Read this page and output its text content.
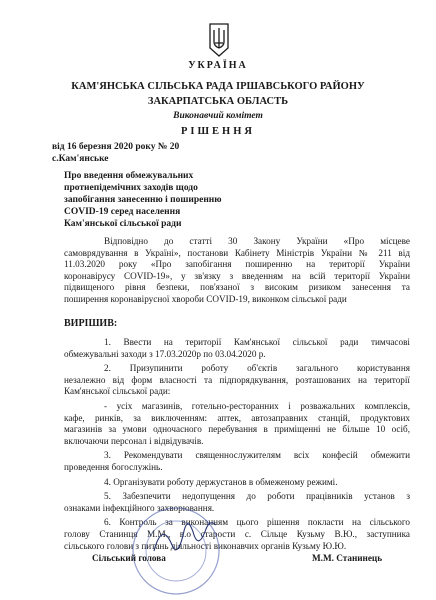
УКРАЇНА
КАМ'ЯНСЬКА СІЛЬСЬКА РАДА ІРШАВСЬКОГО РАЙОНУ
ЗАКАРПАТСЬКА ОБЛАСТЬ
Виконавчий комітет
РІШЕННЯ
від 16 березня 2020 року № 20
с.Кам'янське
Про введення обмежувальних
протиепідемічних заходів щодо
запобігання занесенню і поширенню
COVID-19 серед населення
Кам'янської сільської ради
Відповідно до статті 30 Закону України «Про місцеве
самоврядування в Україні», постанови Кабінету Міністрів України № 211 від
11.03.2020 року «Про запобігання поширенню на території України
коронавірусу COVID-19», у зв'язку з введенням на всій території України
підвищеного рівня безпеки, пов'язаної з високим ризиком занесення та
поширення коронавірусної хвороби COVID-19, виконком сільської ради
ВИРІШИВ:
1. Ввести на території Кам'янської сільської ради тимчасові
обмежувальні заходи з 17.03.2020р по 03.04.2020 р.
2. Призупинити роботу об'єктів загального користування
незалежно від форм власності та підпорядкування, розташованих на території
Кам'янської сільської ради:
- усіх магазинів, готельно-ресторанних і розважальних комплексів,
кафе, ринків, за виключенням: аптек, автозаправних станцій, продуктових
магазинів за умови одночасного перебування в приміщенні не більше 10 осіб,
включаючи персонал і відвідувачів.
3. Рекомендувати священнослужителям всіх конфесій обмежити
проведення богослужінь.
4. Організувати роботу держустанов в обмеженому режимі.
5. Забезпечити недопущення до роботи працівників установ з
ознаками інфекційного захворювання.
6. Контроль за виконанням цього рішення покласти на сільського
голову Станинця М.М., в.о старости с. Сільце Кузьму В.Ю., заступника
сільського голови з питань діяльності виконавчих органів Кузьму Ю.Ю.
Сільський голова	М.М. Станинець
